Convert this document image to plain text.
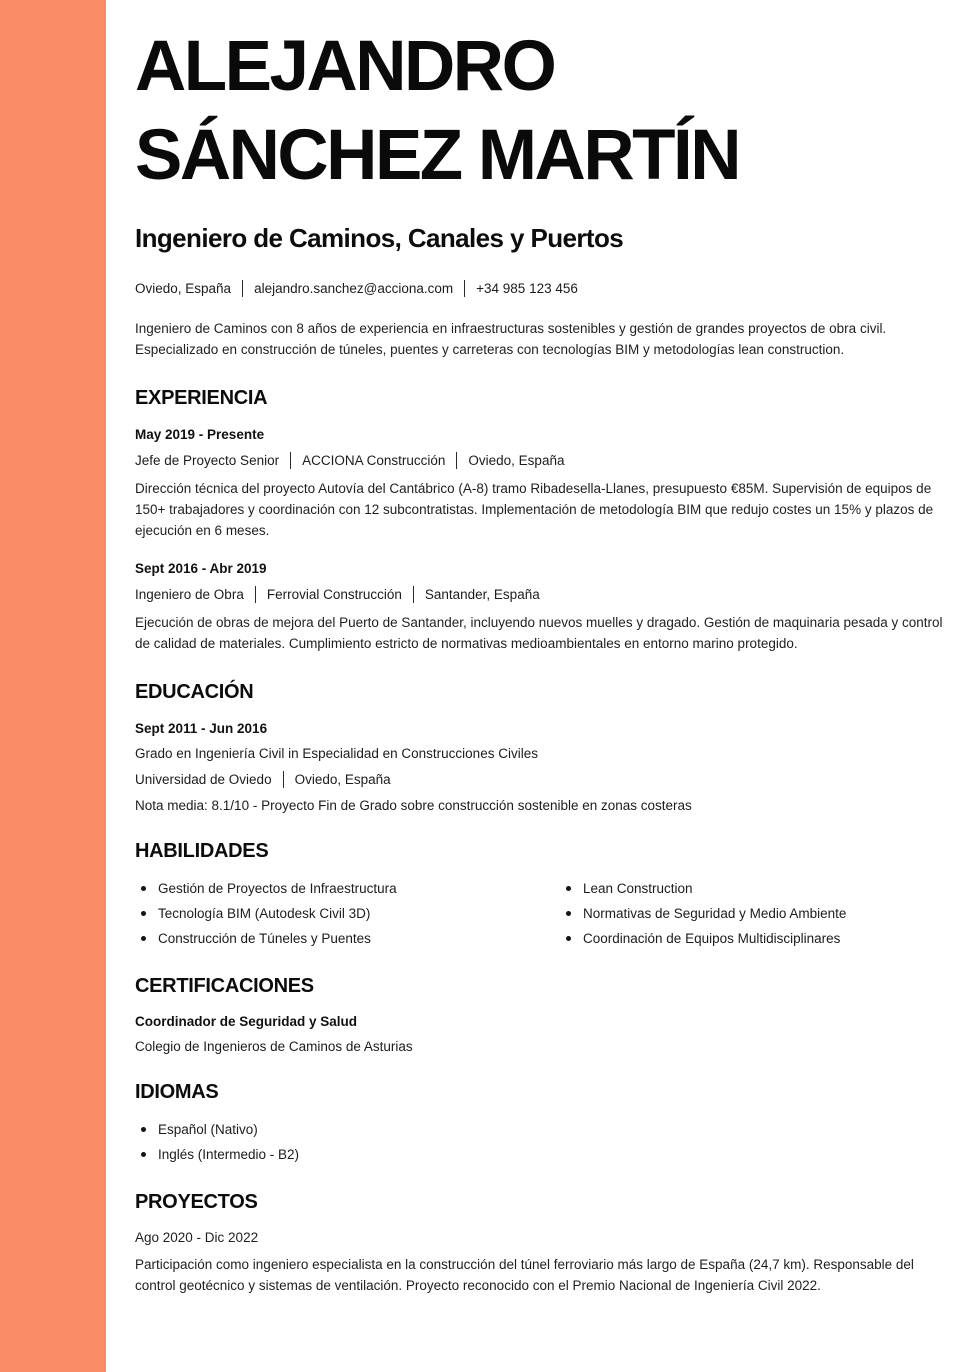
ALEJANDRO
SÁNCHEZ MARTÍN
Ingeniero de Caminos, Canales y Puertos
Oviedo, España alejandro.sanchez@acciona.com +34 985 123 456

Ingeniero de Caminos con 8 años de experiencia en infraestructuras sostenibles y gestión de grandes proyectos de obra civil. Especializado en construcción de túneles, puentes y carreteras con tecnologías BIM y metodologías lean construction.

EXPERIENCIA
May 2019 - Presente
Jefe de Proyecto Senior ACCIONA Construcción Oviedo, España

Dirección técnica del proyecto Autovía del Cantábrico (A-8) tramo Ribadesella-Llanes, presupuesto €85M. Supervisión de equipos de 150+ trabajadores y coordinación con 12 subcontratistas. Implementación de metodología BIM que redujo costes un 15% y plazos de ejecución en 6 meses.

Sept 2016 - Abr 2019
Ingeniero de Obra Ferrovial Construcción Santander, España

Ejecución de obras de mejora del Puerto de Santander, incluyendo nuevos muelles y dragado. Gestión de maquinaria pesada y control de calidad de materiales. Cumplimiento estricto de normativas medioambientales en entorno marino protegido.

EDUCACIÓN
Sept 2011 - Jun 2016
Grado en Ingeniería Civil in Especialidad en Construcciones Civiles
Universidad de Oviedo Oviedo, España
Nota media: 8.1/10 - Proyecto Fin de Grado sobre construcción sostenible en zonas costeras
HABILIDADES
Gestión de Proyectos de Infraestructura
Tecnología BIM (Autodesk Civil 3D)
Construcción de Túneles y Puentes
Lean Construction
Normativas de Seguridad y Medio Ambiente
Coordinación de Equipos Multidisciplinares
CERTIFICACIONES
Coordinador de Seguridad y Salud
Colegio de Ingenieros de Caminos de Asturias
IDIOMAS
Español (Nativo)
Inglés (Intermedio - B2)
PROYECTOS
Ago 2020 - Dic 2022

Participación como ingeniero especialista en la construcción del túnel ferroviario más largo de España (24,7 km). Responsable del control geotécnico y sistemas de ventilación. Proyecto reconocido con el Premio Nacional de Ingeniería Civil 2022.
